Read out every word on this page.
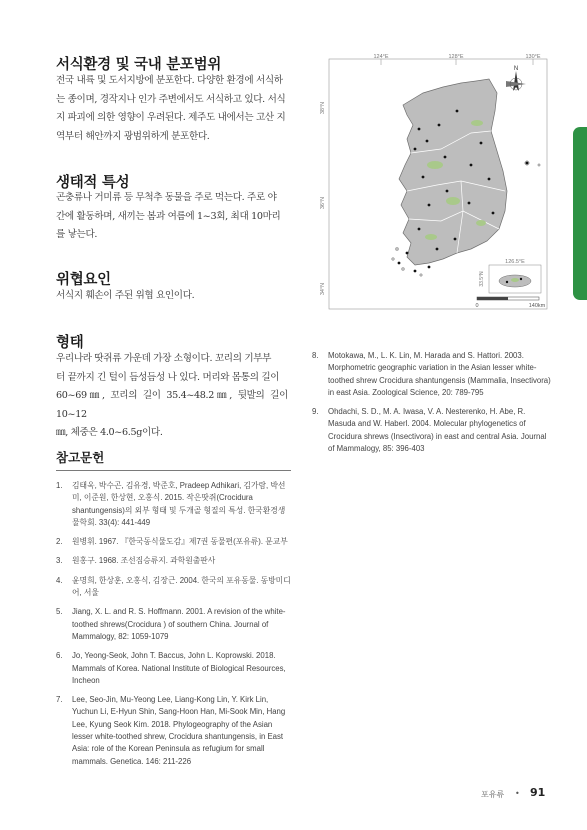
서식환경 및 국내 분포범위

전국 내륙 및 도서지방에 분포한다. 다양한 환경에 서식하

는 종이며, 경작지나 인가 주변에서도 서식하고 있다. 서식

지 파괴에 의한 영향이 우려된다. 제주도 내에서는 고산 지

역부터 해안까지 광범위하게 분포한다.

생태적 특성

곤충류나 거미류 등 무척추 동물을 주로 먹는다. 주로 야

간에 활동하며, 새끼는 봄과 여름에 1~3회, 최대 10마리

를 낳는다.

위협요인

서식지 훼손이 주된 위협 요인이다.

형태

우리나라 땃쥐류 가운데 가장 소형이다. 꼬리의 기부부

터 끝까지 긴 털이 듬성듬성 나 있다. 머리와 몸통의 길이

60~69㎜, 꼬리의 길이 35.4~48.2㎜, 뒷발의 길이 10~12

㎜, 체중은 4.0~6.5g이다.

참고문헌
1. 김태욱, 박수곤, 김유경, 박준호, Pradeep Adhikari, 김가람, 박선미, 이준원, 한상현, 오홍식. 2015. 작은땃쥐(Crocidura shantungensis)의 외부 형태 및 두개골 형질의 특성. 한국환경생물학회. 33(4): 441-449
2. 원병휘. 1967. 『한국동식물도감』제7권 동물편(포유류). 문교부
3. 원홍구. 1968. 조선짐승류지. 과학원출판사
4. 윤명희, 한상훈, 오홍식, 김장근. 2004. 한국의 포유동물. 동방미디어, 서울
5. Jiang, X. L. and R. S. Hoffmann. 2001. A revision of the white-toothed shrews(Crocidura ) of southern China. Journal of Mammalogy, 82: 1059-1079
6. Jo, Yeong-Seok, John T. Baccus, John L. Koprowski. 2018. Mammals of Korea. National Institute of Biological Resources, Incheon
7. Lee, Seo-Jin, Mu-Yeong Lee, Liang-Kong Lin, Y. Kirk Lin, Yuchun Li, E-Hyun Shin, Sang-Hoon Han, Mi-Sook Min, Hang Lee, Kyung Seok Kim. 2018. Phylogeography of the Asian lesser white-toothed shrew, Crocidura shantungensis, in East Asia: role of the Korean Peninsula as refugium for small mammals. Genetica. 146: 211-226
8. Motokawa, M., L. K. Lin, M. Harada and S. Hattori. 2003. Morphometric geographic variation in the Asian lesser white-toothed shrew Crocidura shantungensis (Mammalia, Insectivora) in east Asia. Zoological Science, 20: 789-795
9. Ohdachi, S. D., M. A. Iwasa, V. A. Nesterenko, H. Abe, R. Masuda and W. Haberl. 2004. Molecular phylogenetics of Crocidura shrews (Insectivora) in east and central Asia. Journal of Mammalogy, 85: 396-403
124°E	128°E	130°E
38°N
36°N
34°N
N
126.5°E
33.5°N
0	140km
포유류 • 91
